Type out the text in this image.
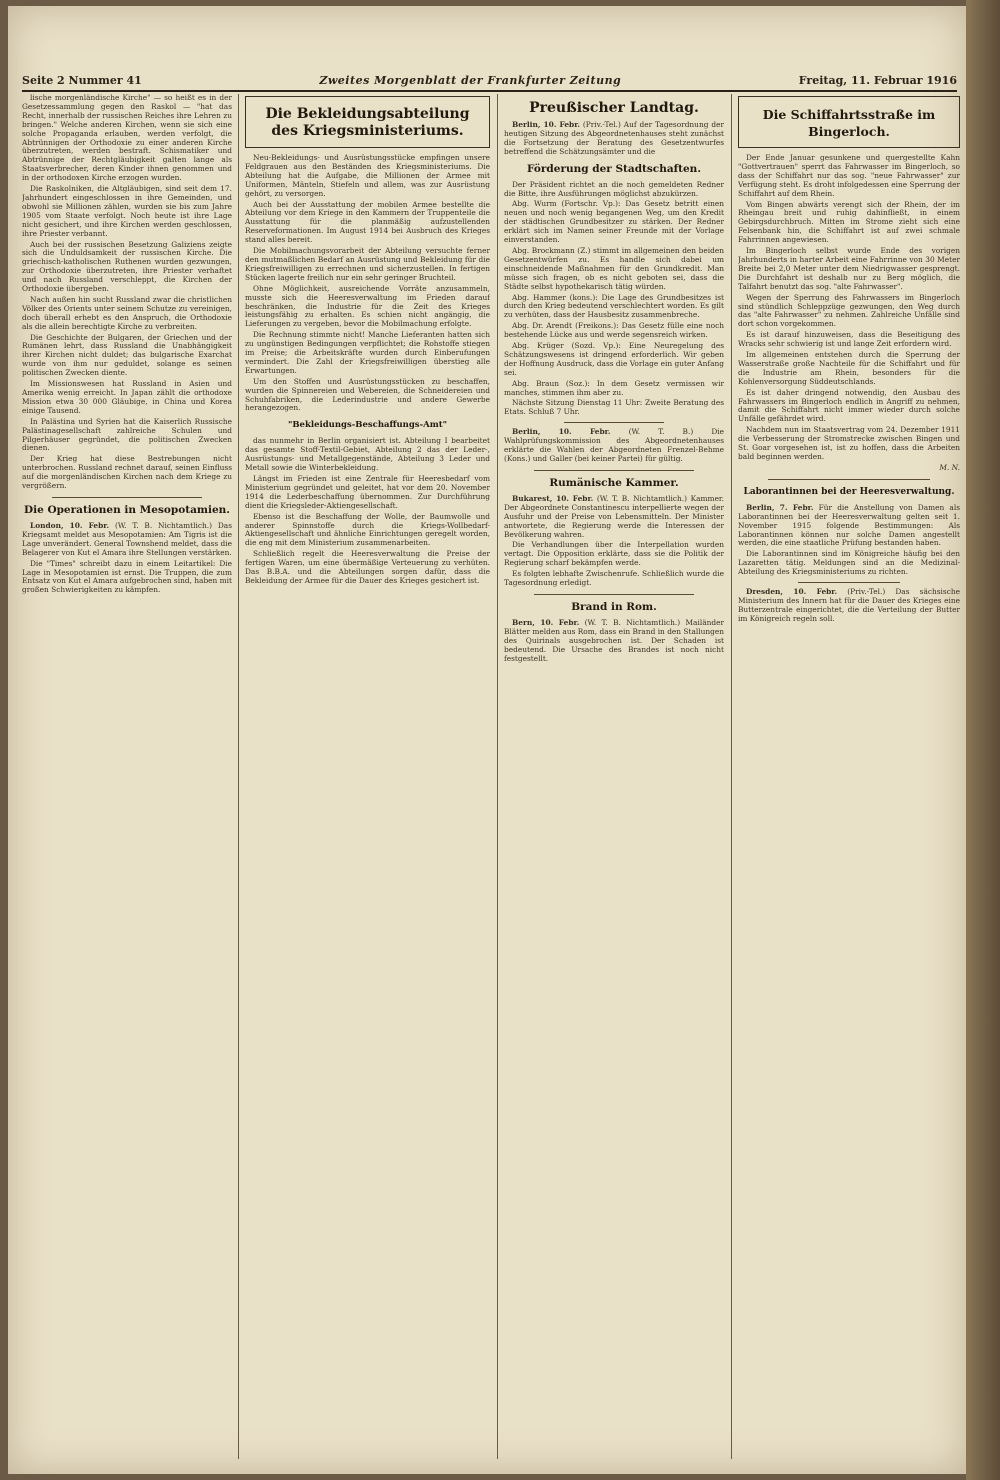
Seite 2 Nummer 41	Zweites Morgenblatt der Frankfurter Zeitung	Freitag, 11. Februar 1916

lische morgenländische Kirche" — so heißt es in der Gesetzessammlung gegen den Raskol — "hat das Recht, innerhalb der russischen Reiches ihre Lehren zu bringen." Welche anderen Kirchen, wenn sie sich eine solche Propaganda erlauben, werden verfolgt, die Abtrünnigen der Orthodoxie zu einer anderen Kirche überzutreten, werden bestraft. Schismatiker und Abtrünnige der Rechtgläubigkeit galten lange als Staatsverbrecher, deren Kinder ihnen genommen und in der orthodoxen Kirche erzogen wurden.

Die Raskolniken, die Altgläubigen, sind seit dem 17. Jahrhundert eingeschlossen in ihre Gemeinden, und obwohl sie Millionen zählen, wurden sie bis zum Jahre 1905 vom Staate verfolgt. Noch heute ist ihre Lage nicht gesichert, und ihre Kirchen werden geschlossen, ihre Priester verbannt.

Auch bei der russischen Besetzung Galiziens zeigte sich die Unduldsamkeit der russischen Kirche. Die griechisch-katholischen Ruthenen wurden gezwungen, zur Orthodoxie überzutreten, ihre Priester verhaftet und nach Russland verschleppt, die Kirchen der Orthodoxie übergeben.

Nach außen hin sucht Russland zwar die christlichen Völker des Orients unter seinem Schutze zu vereinigen, doch überall erhebt es den Anspruch, die Orthodoxie als die allein berechtigte Kirche zu verbreiten.

Die Geschichte der Bulgaren, der Griechen und der Rumänen lehrt, dass Russland die Unabhängigkeit ihrer Kirchen nicht duldet; das bulgarische Exarchat wurde von ihm nur geduldet, solange es seinen politischen Zwecken diente.

Im Missionswesen hat Russland in Asien und Amerika wenig erreicht. In Japan zählt die orthodoxe Mission etwa 30 000 Gläubige, in China und Korea einige Tausend.

In Palästina und Syrien hat die Kaiserlich Russische Palästinagesellschaft zahlreiche Schulen und Pilgerhäuser gegründet, die politischen Zwecken dienen.

Der Krieg hat diese Bestrebungen nicht unterbrochen. Russland rechnet darauf, seinen Einfluss auf die morgenländischen Kirchen nach dem Kriege zu vergrößern.

Die Operationen in Mesopotamien.

London, 10. Febr. (W. T. B. Nichtamtlich.) Das Kriegsamt meldet aus Mesopotamien: Am Tigris ist die Lage unverändert. General Townshend meldet, dass die Belagerer von Kut el Amara ihre Stellungen verstärken.

Die "Times" schreibt dazu in einem Leitartikel: Die Lage in Mesopotamien ist ernst. Die Truppen, die zum Entsatz von Kut el Amara aufgebrochen sind, haben mit großen Schwierigkeiten zu kämpfen.

Die Bekleidungsabteilung des Kriegsministeriums.

Neu-Bekleidungs- und Ausrüstungsstücke empfingen unsere Feldgrauen aus den Beständen des Kriegsministeriums. Die Abteilung hat die Aufgabe, die Millionen der Armee mit Uniformen, Mänteln, Stiefeln und allem, was zur Ausrüstung gehört, zu versorgen.

Auch bei der Ausstattung der mobilen Armee bestellte die Abteilung vor dem Kriege in den Kammern der Truppenteile die Ausstattung für die planmäßig aufzustellenden Reserveformationen. Im August 1914 bei Ausbruch des Krieges stand alles bereit.

Die Mobilmachungsvorarbeit der Abteilung versuchte ferner den mutmaßlichen Bedarf an Ausrüstung und Bekleidung für die Kriegsfreiwilligen zu errechnen und sicherzustellen. In fertigen Stücken lagerte freilich nur ein sehr geringer Bruchteil.

Ohne Möglichkeit, ausreichende Vorräte anzusammeln, musste sich die Heeresverwaltung im Frieden darauf beschränken, die Industrie für die Zeit des Krieges leistungsfähig zu erhalten. Es schien nicht angängig, die Lieferungen zu vergeben, bevor die Mobilmachung erfolgte.

Die Rechnung stimmte nicht! Manche Lieferanten hatten sich zu ungünstigen Bedingungen verpflichtet; die Rohstoffe stiegen im Preise; die Arbeitskräfte wurden durch Einberufungen vermindert. Die Zahl der Kriegsfreiwilligen überstieg alle Erwartungen.

Um den Stoffen und Ausrüstungsstücken zu beschaffen, wurden die Spinnereien und Webereien, die Schneidereien und Schuhfabriken, die Lederindustrie und andere Gewerbe herangezogen.

"Bekleidungs-Beschaffungs-Amt"

das nunmehr in Berlin organisiert ist. Abteilung I bearbeitet das gesamte Stoff-Textil-Gebiet, Abteilung 2 das der Leder-, Ausrüstungs- und Metallgegenstände, Abteilung 3 Leder und Metall sowie die Winterbekleidung.

Längst im Frieden ist eine Zentrale für Heeresbedarf vom Ministerium gegründet und geleitet, hat vor dem 20. November 1914 die Lederbeschaffung übernommen. Zur Durchführung dient die Kriegsleder-Aktiengesellschaft.

Ebenso ist die Beschaffung der Wolle, der Baumwolle und anderer Spinnstoffe durch die Kriegs-Wollbedarf-Aktiengesellschaft und ähnliche Einrichtungen geregelt worden, die eng mit dem Ministerium zusammenarbeiten.

Schließlich regelt die Heeresverwaltung die Preise der fertigen Waren, um eine übermäßige Verteuerung zu verhüten. Das B.B.A. und die Abteilungen sorgen dafür, dass die Bekleidung der Armee für die Dauer des Krieges gesichert ist.

Preußischer Landtag.

Berlin, 10. Febr. (Priv.-Tel.) Auf der Tagesordnung der heutigen Sitzung des Abgeordnetenhauses steht zunächst die Fortsetzung der Beratung des Gesetzentwurfes betreffend die Schätzungsämter und die

Förderung der Stadtschaften.

Der Präsident richtet an die noch gemeldeten Redner die Bitte, ihre Ausführungen möglichst abzukürzen.

Abg. Wurm (Fortschr. Vp.): Das Gesetz betritt einen neuen und noch wenig begangenen Weg, um den Kredit der städtischen Grundbesitzer zu stärken. Der Redner erklärt sich im Namen seiner Freunde mit der Vorlage einverstanden.

Abg. Brockmann (Z.) stimmt im allgemeinen den beiden Gesetzentwürfen zu. Es handle sich dabei um einschneidende Maßnahmen für den Grundkredit. Man müsse sich fragen, ob es nicht geboten sei, dass die Städte selbst hypothekarisch tätig würden.

Abg. Hammer (kons.): Die Lage des Grundbesitzes ist durch den Krieg bedeutend verschlechtert worden. Es gilt zu verhüten, dass der Hausbesitz zusammenbreche.

Abg. Dr. Arendt (Freikons.): Das Gesetz fülle eine noch bestehende Lücke aus und werde segensreich wirken.

Abg. Krüger (Sozd. Vp.): Eine Neuregelung des Schätzungswesens ist dringend erforderlich. Wir geben der Hoffnung Ausdruck, dass die Vorlage ein guter Anfang sei.

Abg. Braun (Soz.): In dem Gesetz vermissen wir manches, stimmen ihm aber zu.

Nächste Sitzung Dienstag 11 Uhr: Zweite Beratung des Etats. Schluß 7 Uhr.

Berlin, 10. Febr. (W. T. B.) Die Wahlprüfungskommission des Abgeordnetenhauses erklärte die Wahlen der Abgeordneten Frenzel-Behme (Kons.) und Galler (bei keiner Partei) für gültig.

Rumänische Kammer.

Bukarest, 10. Febr. (W. T. B. Nichtamtlich.) Kammer. Der Abgeordnete Constantinescu interpellierte wegen der Ausfuhr und der Preise von Lebensmitteln. Der Minister antwortete, die Regierung werde die Interessen der Bevölkerung wahren.

Die Verhandlungen über die Interpellation wurden vertagt. Die Opposition erklärte, dass sie die Politik der Regierung scharf bekämpfen werde.

Es folgten lebhafte Zwischenrufe. Schließlich wurde die Tagesordnung erledigt.

Brand in Rom.

Bern, 10. Febr. (W. T. B. Nichtamtlich.) Mailänder Blätter melden aus Rom, dass ein Brand in den Stallungen des Quirinals ausgebrochen ist. Der Schaden ist bedeutend. Die Ursache des Brandes ist noch nicht festgestellt.

Die Schiffahrtsstraße im Bingerloch.

Der Ende Januar gesunkene und quergestellte Kahn "Gottvertrauen" sperrt das Fahrwasser im Bingerloch, so dass der Schiffahrt nur das sog. "neue Fahrwasser" zur Verfügung steht. Es droht infolgedessen eine Sperrung der Schiffahrt auf dem Rhein.

Vom Bingen abwärts verengt sich der Rhein, der im Rheingau breit und ruhig dahinfließt, in einem Gebirgsdurchbruch. Mitten im Strome zieht sich eine Felsenbank hin, die Schiffahrt ist auf zwei schmale Fahrrinnen angewiesen.

Im Bingerloch selbst wurde Ende des vorigen Jahrhunderts in harter Arbeit eine Fahrrinne von 30 Meter Breite bei 2,0 Meter unter dem Niedrigwasser gesprengt. Die Durchfahrt ist deshalb nur zu Berg möglich, die Talfahrt benutzt das sog. "alte Fahrwasser".

Wegen der Sperrung des Fahrwassers im Bingerloch sind stündlich Schleppzüge gezwungen, den Weg durch das "alte Fahrwasser" zu nehmen. Zahlreiche Unfälle sind dort schon vorgekommen.

Es ist darauf hinzuweisen, dass die Beseitigung des Wracks sehr schwierig ist und lange Zeit erfordern wird.

Im allgemeinen entstehen durch die Sperrung der Wasserstraße große Nachteile für die Schiffahrt und für die Industrie am Rhein, besonders für die Kohlenversorgung Süddeutschlands.

Es ist daher dringend notwendig, den Ausbau des Fahrwassers im Bingerloch endlich in Angriff zu nehmen, damit die Schiffahrt nicht immer wieder durch solche Unfälle gefährdet wird.

Nachdem nun im Staatsvertrag vom 24. Dezember 1911 die Verbesserung der Stromstrecke zwischen Bingen und St. Goar vorgesehen ist, ist zu hoffen, dass die Arbeiten bald beginnen werden.

M. N.
Laborantinnen bei der Heeresverwaltung.

Berlin, 7. Febr. Für die Anstellung von Damen als Laborantinnen bei der Heeresverwaltung gelten seit 1. November 1915 folgende Bestimmungen: Als Laborantinnen können nur solche Damen angestellt werden, die eine staatliche Prüfung bestanden haben.

Die Laborantinnen sind im Königreiche häufig bei den Lazaretten tätig. Meldungen sind an die Medizinal-Abteilung des Kriegsministeriums zu richten.

Dresden, 10. Febr. (Priv.-Tel.) Das sächsische Ministerium des Innern hat für die Dauer des Krieges eine Butterzentrale eingerichtet, die die Verteilung der Butter im Königreich regeln soll.
